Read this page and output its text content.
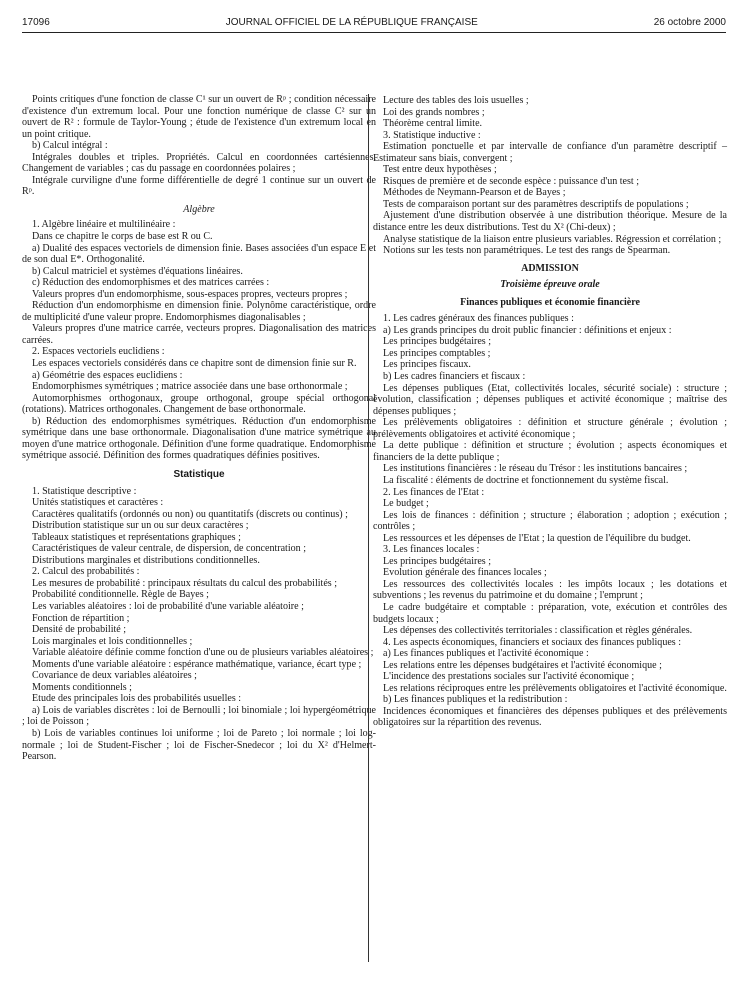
17096	JOURNAL OFFICIEL DE LA RÉPUBLIQUE FRANÇAISE	26 octobre 2000

Points critiques d'une fonction de classe C¹ sur un ouvert de Rᵖ ; condition nécessaire d'existence d'un extremum local. Pour une fonction numérique de classe C² sur un ouvert de R² : formule de Taylor-Young ; étude de l'existence d'un extremum local en un point critique.

b) Calcul intégral :

Intégrales doubles et triples. Propriétés. Calcul en coordonnées cartésiennes. Changement de variables ; cas du passage en coordonnées polaires ;

Intégrale curviligne d'une forme différentielle de degré 1 continue sur un ouvert de Rᵖ.

Algèbre

1. Algèbre linéaire et multilinéaire :

Dans ce chapitre le corps de base est R ou C.

a) Dualité des espaces vectoriels de dimension finie. Bases associées d'un espace E et de son dual E*. Orthogonalité.

b) Calcul matriciel et systèmes d'équations linéaires.

c) Réduction des endomorphismes et des matrices carrées :

Valeurs propres d'un endomorphisme, sous-espaces propres, vecteurs propres ;

Réduction d'un endomorphisme en dimension finie. Polynôme caractéristique, ordre de multiplicité d'une valeur propre. Endomorphismes diagonalisables ;

Valeurs propres d'une matrice carrée, vecteurs propres. Diagonalisation des matrices carrées.

2. Espaces vectoriels euclidiens :

Les espaces vectoriels considérés dans ce chapitre sont de dimension finie sur R.

a) Géométrie des espaces euclidiens :

Endomorphismes symétriques ; matrice associée dans une base orthonormale ;

Automorphismes orthogonaux, groupe orthogonal, groupe spécial orthogonal (rotations). Matrices orthogonales. Changement de base orthonormale.

b) Réduction des endomorphismes symétriques. Réduction d'un endomorphisme symétrique dans une base orthonormale. Diagonalisation d'une matrice symétrique au moyen d'une matrice orthogonale. Définition d'une forme quadratique. Endomorphisme symétrique associé. Définition des formes quadratiques définies positives.

Statistique

1. Statistique descriptive :

Unités statistiques et caractères :

Caractères qualitatifs (ordonnés ou non) ou quantitatifs (discrets ou continus) ;

Distribution statistique sur un ou sur deux caractères ;

Tableaux statistiques et représentations graphiques ;

Caractéristiques de valeur centrale, de dispersion, de concentration ;

Distributions marginales et distributions conditionnelles.

2. Calcul des probabilités :

Les mesures de probabilité : principaux résultats du calcul des probabilités ;

Probabilité conditionnelle. Règle de Bayes ;

Les variables aléatoires : loi de probabilité d'une variable aléatoire ;

Fonction de répartition ;

Densité de probabilité ;

Lois marginales et lois conditionnelles ;

Variable aléatoire définie comme fonction d'une ou de plusieurs variables aléatoires ;

Moments d'une variable aléatoire : espérance mathématique, variance, écart type ;

Covariance de deux variables aléatoires ;

Moments conditionnels ;

Etude des principales lois des probabilités usuelles :

a) Lois de variables discrètes : loi de Bernoulli ; loi binomiale ; loi hypergéométrique ; loi de Poisson ;

b) Lois de variables continues loi uniforme ; loi de Pareto ; loi normale ; loi log-normale ; loi de Student-Fischer ; loi de Fischer-Snedecor ; loi du X² d'Helmert-Pearson.

Lecture des tables des lois usuelles ;

Loi des grands nombres ;

Théorème central limite.

3. Statistique inductive :

Estimation ponctuelle et par intervalle de confiance d'un paramètre descriptif – Estimateur sans biais, convergent ;

Test entre deux hypothèses ;

Risques de première et de seconde espèce : puissance d'un test ;

Méthodes de Neymann-Pearson et de Bayes ;

Tests de comparaison portant sur des paramètres descriptifs de populations ;

Ajustement d'une distribution observée à une distribution théorique. Mesure de la distance entre les deux distributions. Test du X² (Chi-deux) ;

Analyse statistique de la liaison entre plusieurs variables. Régression et corrélation ;

Notions sur les tests non paramétriques. Le test des rangs de Spearman.

ADMISSION

Troisième épreuve orale

Finances publiques et économie financière

1. Les cadres généraux des finances publiques :

a) Les grands principes du droit public financier : définitions et enjeux :

Les principes budgétaires ;

Les principes comptables ;

Les principes fiscaux.

b) Les cadres financiers et fiscaux :

Les dépenses publiques (Etat, collectivités locales, sécurité sociale) : structure ; évolution, classification ; dépenses publiques et activité économique ; maîtrise des dépenses publiques ;

Les prélèvements obligatoires : définition et structure générale ; évolution ; prélèvements obligatoires et activité économique ;

La dette publique : définition et structure ; évolution ; aspects économiques et financiers de la dette publique ;

Les institutions financières : le réseau du Trésor : les institutions bancaires ;

La fiscalité : éléments de doctrine et fonctionnement du système fiscal.

2. Les finances de l'Etat :

Le budget ;

Les lois de finances : définition ; structure ; élaboration ; adoption ; exécution ; contrôles ;

Les ressources et les dépenses de l'Etat ; la question de l'équilibre du budget.

3. Les finances locales :

Les principes budgétaires ;

Evolution générale des finances locales ;

Les ressources des collectivités locales : les impôts locaux ; les dotations et subventions ; les revenus du patrimoine et du domaine ; l'emprunt ;

Le cadre budgétaire et comptable : préparation, vote, exécution et contrôles des budgets locaux ;

Les dépenses des collectivités territoriales : classification et règles générales.

4. Les aspects économiques, financiers et sociaux des finances publiques :

a) Les finances publiques et l'activité économique :

Les relations entre les dépenses budgétaires et l'activité économique ;

L'incidence des prestations sociales sur l'activité économique ;

Les relations réciproques entre les prélèvements obligatoires et l'activité économique.

b) Les finances publiques et la redistribution :

Incidences économiques et financières des dépenses publiques et des prélèvements obligatoires sur la répartition des revenus.
